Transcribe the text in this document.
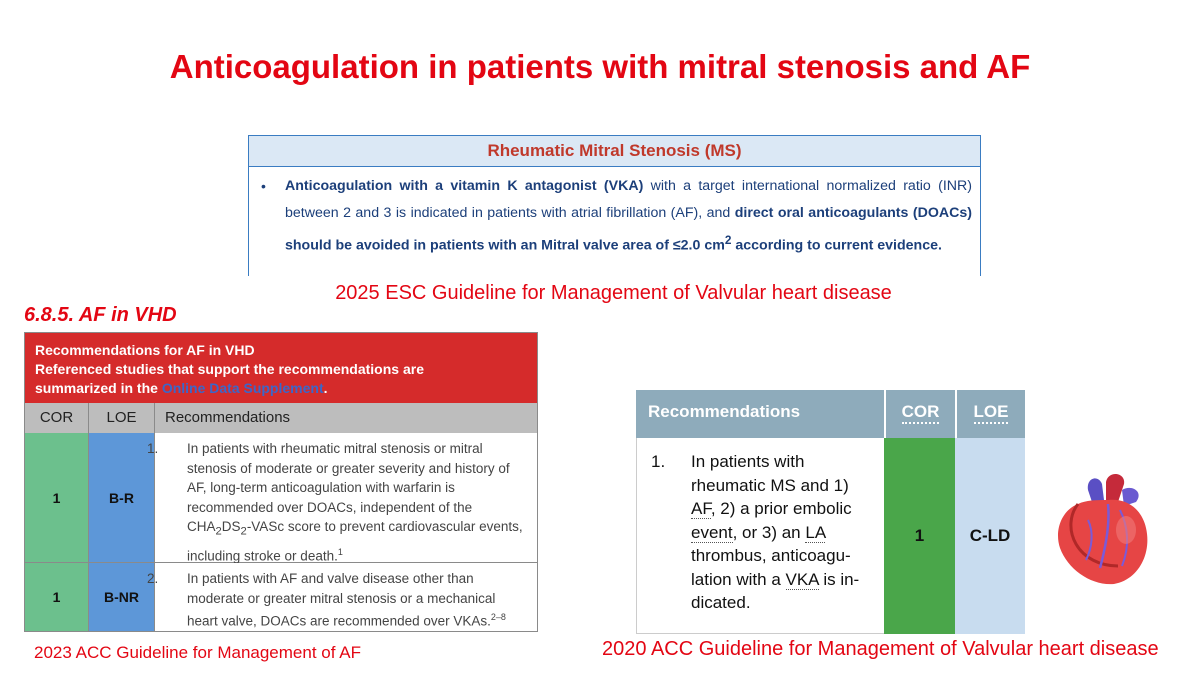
Anticoagulation in patients with mitral stenosis and AF
Rheumatic Mitral Stenosis (MS)
• Anticoagulation with a vitamin K antagonist (VKA) with a target international normalized ratio (INR) between 2 and 3 is indicated in patients with atrial fibrillation (AF), and direct oral anticoagulants (DOACs) should be avoided in patients with an Mitral valve area of ≤2.0 $cm^2$ according to current evidence.
2025 ESC Guideline for Management of Valvular heart disease
6.8.5. AF in VHD
Recommendations for AF in VHD
Referenced studies that support the recommendations are
summarized in the Online Data Supplement.
COR	LOE	Recommendations
1	B-R
1. In patients with rheumatic mitral stenosis or mitral stenosis of moderate or greater severity and history of AF, long-term anticoagulation with warfarin is recommended over DOACs, independent of the $CHA_2DS_2$-VASc score to prevent cardiovascular events, including stroke or death.$^1$
1	B-NR
2. In patients with AF and valve disease other than moderate or greater mitral stenosis or a mechanical heart valve, DOACs are recommended over VKAs.$^{2-8}$
2023 ACC Guideline for Management of AF
Recommendations	COR	LOE
1. In patients with rheumatic MS and 1) AF, 2) a prior embolic event, or 3) an LA thrombus, anticoagu-lation with a VKA is in-dicated.
1	C-LD
2020 ACC Guideline for Management of Valvular heart disease
